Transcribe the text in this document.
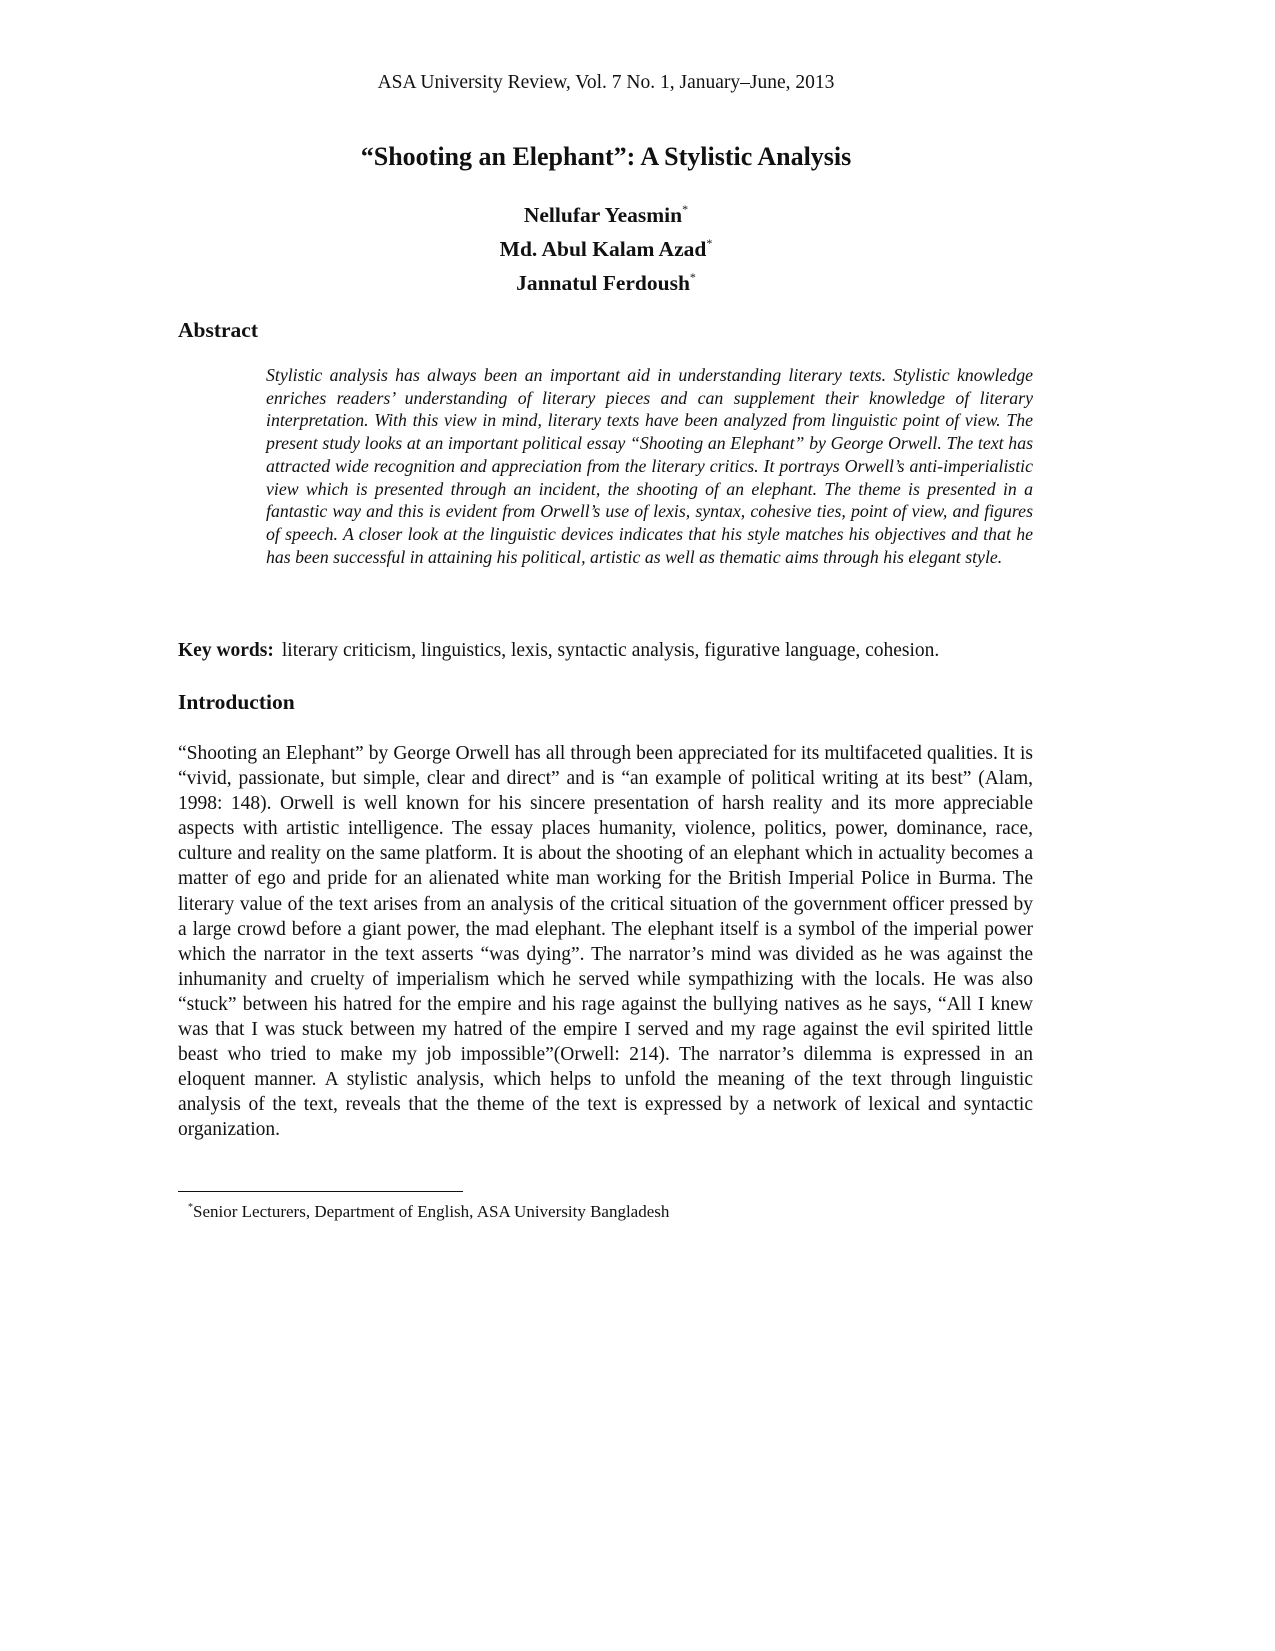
ASA University Review, Vol. 7 No. 1, January–June, 2013
“Shooting an Elephant”: A Stylistic Analysis
Nellufar Yeasmin*
Md. Abul Kalam Azad*
Jannatul Ferdoush*
Abstract

Stylistic analysis has always been an important aid in understanding literary texts. Stylistic knowledge enriches readers’ understanding of literary pieces and can supplement their knowledge of literary interpretation. With this view in mind, literary texts have been analyzed from linguistic point of view. The present study looks at an important political essay “Shooting an Elephant” by George Orwell. The text has attracted wide recognition and appreciation from the literary critics. It portrays Orwell’s anti-imperialistic view which is presented through an incident, the shooting of an elephant. The theme is presented in a fantastic way and this is evident from Orwell’s use of lexis, syntax, cohesive ties, point of view, and figures of speech. A closer look at the linguistic devices indicates that his style matches his objectives and that he has been successful in attaining his political, artistic as well as thematic aims through his elegant style.

Key words: literary criticism, linguistics, lexis, syntactic analysis, figurative language, cohesion.

Introduction

“Shooting an Elephant” by George Orwell has all through been appreciated for its multifaceted qualities. It is “vivid, passionate, but simple, clear and direct” and is “an example of political writing at its best” (Alam, 1998: 148). Orwell is well known for his sincere presentation of harsh reality and its more appreciable aspects with artistic intelligence. The essay places humanity, violence, politics, power, dominance, race, culture and reality on the same platform. It is about the shooting of an elephant which in actuality becomes a matter of ego and pride for an alienated white man working for the British Imperial Police in Burma. The literary value of the text arises from an analysis of the critical situation of the government officer pressed by a large crowd before a giant power, the mad elephant. The elephant itself is a symbol of the imperial power which the narrator in the text asserts “was dying”. The narrator’s mind was divided as he was against the inhumanity and cruelty of imperialism which he served while sympathizing with the locals. He was also “stuck” between his hatred for the empire and his rage against the bullying natives as he says, “All I knew was that I was stuck between my hatred of the empire I served and my rage against the evil spirited little beast who tried to make my job impossible”(Orwell: 214). The narrator’s dilemma is expressed in an eloquent manner. A stylistic analysis, which helps to unfold the meaning of the text through linguistic analysis of the text, reveals that the theme of the text is expressed by a network of lexical and syntactic organization.

*Senior Lecturers, Department of English, ASA University Bangladesh
